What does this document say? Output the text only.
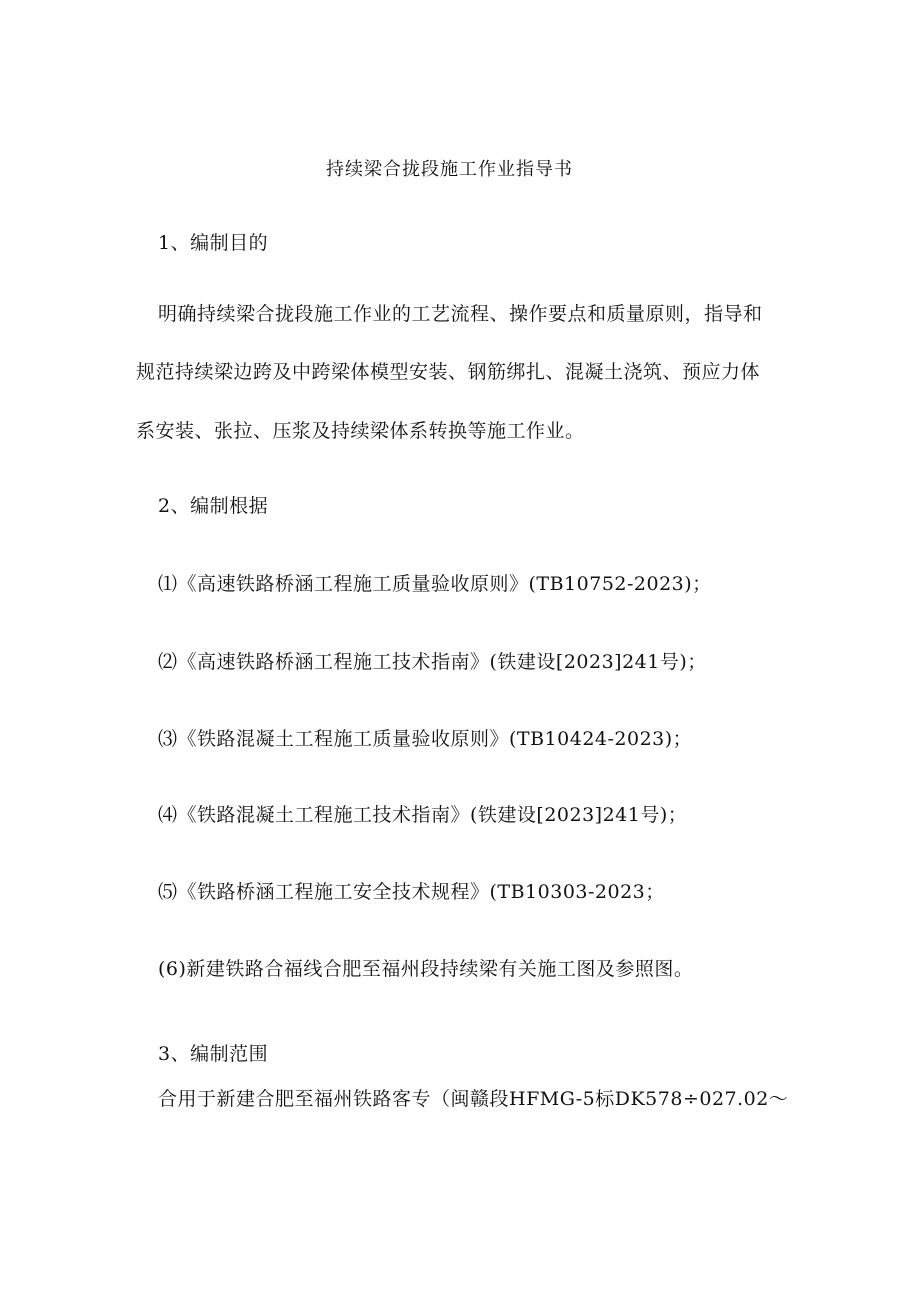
持续梁合拢段施工作业指导书
1、编制目的
明确持续梁合拢段施工作业的工艺流程、操作要点和质量原则，指导和
规范持续梁边跨及中跨梁体模型安装、钢筋绑扎、混凝土浇筑、预应力体
系安装、张拉、压浆及持续梁体系转换等施工作业。
2、编制根据
⑴《高速铁路桥涵工程施工质量验收原则》(TB10752-2023)；
⑵《高速铁路桥涵工程施工技术指南》(铁建设[2023]241号)；
⑶《铁路混凝土工程施工质量验收原则》(TB10424-2023)；
⑷《铁路混凝土工程施工技术指南》(铁建设[2023]241号)；
⑸《铁路桥涵工程施工安全技术规程》(TB10303-2023；
(6)新建铁路合福线合肥至福州段持续梁有关施工图及参照图。
3、编制范围
合用于新建合肥至福州铁路客专（闽赣段HFMG-5标DK578÷027.02～
